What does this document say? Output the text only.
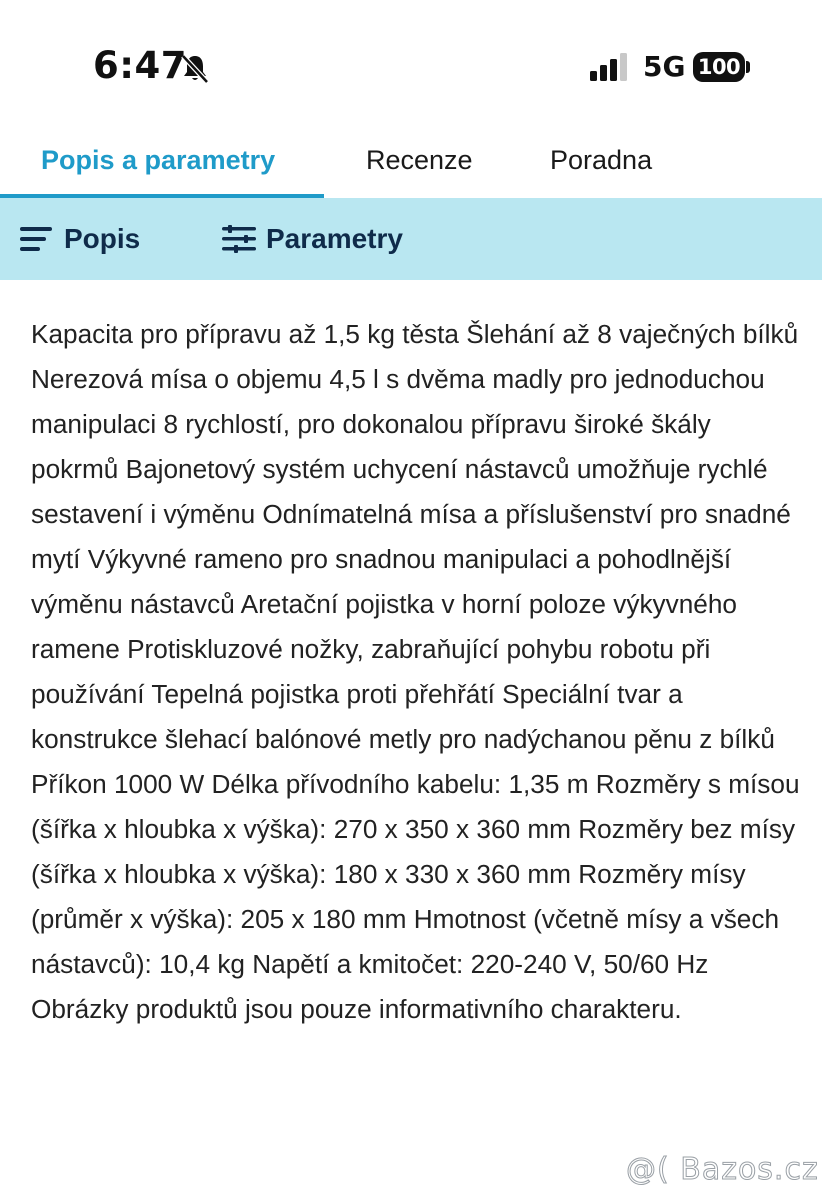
6:47	5G 100
Popis a parametry	Recenze	Poradna
Popis	Parametry

Kapacita pro přípravu až 1,5 kg těsta Šlehání až 8 vaječných bílků Nerezová mísa o objemu 4,5 l s dvěma madly pro jednoduchou manipulaci 8 rychlostí, pro dokonalou přípravu široké škály pokrmů Bajonetový systém uchycení nástavců umožňuje rychlé sestavení i výměnu Odnímatelná mísa a příslušenství pro snadné mytí Výkyvné rameno pro snadnou manipulaci a pohodlnější výměnu nástavců Aretační pojistka v horní poloze výkyvného ramene Protiskluzové nožky, zabraňující pohybu robotu při používání Tepelná pojistka proti přehřátí Speciální tvar a konstrukce šlehací balónové metly pro nadýchanou pěnu z bílků Příkon 1000 W Délka přívodního kabelu: 1,35 m Rozměry s mísou (šířka x hloubka x výška): 270 x 350 x 360 mm Rozměry bez mísy (šířka x hloubka x výška): 180 x 330 x 360 mm Rozměry mísy (průměr x výška): 205 x 180 mm Hmotnost (včetně mísy a všech nástavců): 10,4 kg Napětí a kmitočet: 220-240 V, 50/60 Hz

Obrázky produktů jsou pouze informativního charakteru.

@( Bazos.cz
